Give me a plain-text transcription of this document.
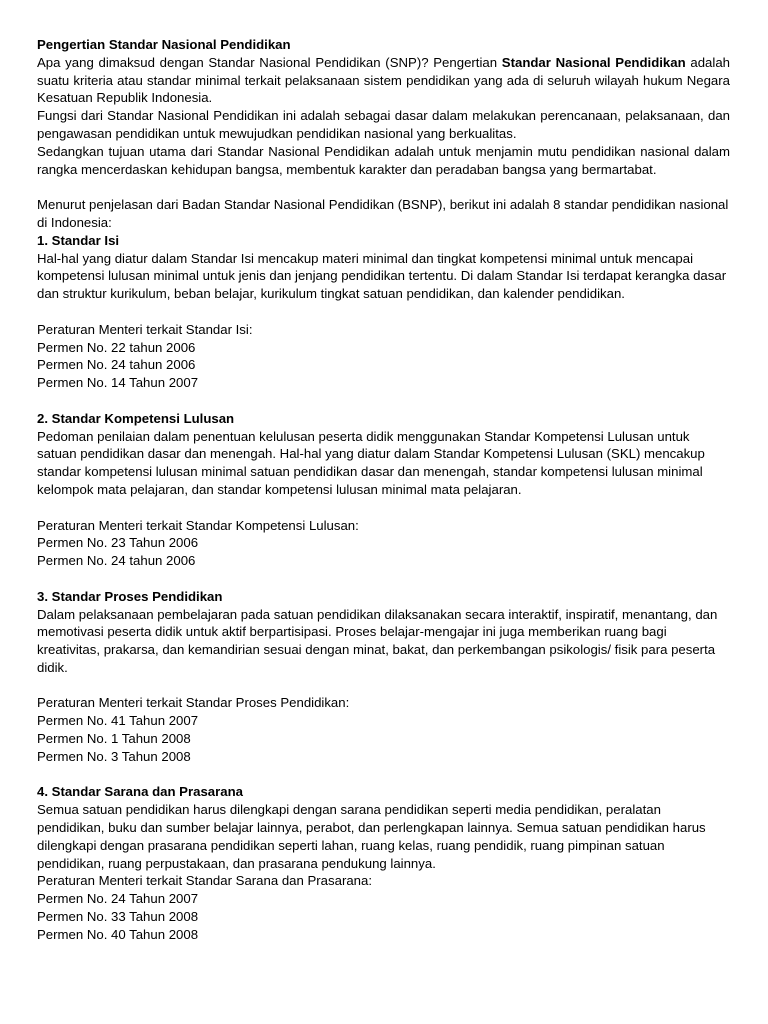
Pengertian Standar Nasional Pendidikan

Apa yang dimaksud dengan Standar Nasional Pendidikan (SNP)? Pengertian Standar Nasional Pendidikan adalah suatu kriteria atau standar minimal terkait pelaksanaan sistem pendidikan yang ada di seluruh wilayah hukum Negara Kesatuan Republik Indonesia.

Fungsi dari Standar Nasional Pendidikan ini adalah sebagai dasar dalam melakukan perencanaan, pelaksanaan, dan pengawasan pendidikan untuk mewujudkan pendidikan nasional yang berkualitas.

Sedangkan tujuan utama dari Standar Nasional Pendidikan adalah untuk menjamin mutu pendidikan nasional dalam rangka mencerdaskan kehidupan bangsa, membentuk karakter dan peradaban bangsa yang bermartabat.

Menurut penjelasan dari Badan Standar Nasional Pendidikan (BSNP), berikut ini adalah 8 standar pendidikan nasional di Indonesia:

1. Standar Isi

Hal-hal yang diatur dalam Standar Isi mencakup materi minimal dan tingkat kompetensi minimal untuk mencapai kompetensi lulusan minimal untuk jenis dan jenjang pendidikan tertentu. Di dalam Standar Isi terdapat kerangka dasar dan struktur kurikulum, beban belajar, kurikulum tingkat satuan pendidikan, dan kalender pendidikan.

Peraturan Menteri terkait Standar Isi:

Permen No. 22 tahun 2006

Permen No. 24 tahun 2006

Permen No. 14 Tahun 2007

2. Standar Kompetensi Lulusan

Pedoman penilaian dalam penentuan kelulusan peserta didik menggunakan Standar Kompetensi Lulusan untuk satuan pendidikan dasar dan menengah. Hal-hal yang diatur dalam Standar Kompetensi Lulusan (SKL) mencakup standar kompetensi lulusan minimal satuan pendidikan dasar dan menengah, standar kompetensi lulusan minimal kelompok mata pelajaran, dan standar kompetensi lulusan minimal mata pelajaran.

Peraturan Menteri terkait Standar Kompetensi Lulusan:

Permen No. 23 Tahun 2006

Permen No. 24 tahun 2006

3. Standar Proses Pendidikan

Dalam pelaksanaan pembelajaran pada satuan pendidikan dilaksanakan secara interaktif, inspiratif, menantang, dan memotivasi peserta didik untuk aktif berpartisipasi. Proses belajar-mengajar ini juga memberikan ruang bagi kreativitas, prakarsa, dan kemandirian sesuai dengan minat, bakat, dan perkembangan psikologis/ fisik para peserta didik.

Peraturan Menteri terkait Standar Proses Pendidikan:

Permen No. 41 Tahun 2007

Permen No. 1 Tahun 2008

Permen No. 3 Tahun 2008

4. Standar Sarana dan Prasarana

Semua satuan pendidikan harus dilengkapi dengan sarana pendidikan seperti media pendidikan, peralatan pendidikan, buku dan sumber belajar lainnya, perabot, dan perlengkapan lainnya. Semua satuan pendidikan harus dilengkapi dengan prasarana pendidikan seperti lahan, ruang kelas, ruang pendidik, ruang pimpinan satuan pendidikan, ruang perpustakaan, dan prasarana pendukung lainnya.

Peraturan Menteri terkait Standar Sarana dan Prasarana:

Permen No. 24 Tahun 2007

Permen No. 33 Tahun 2008

Permen No. 40 Tahun 2008
